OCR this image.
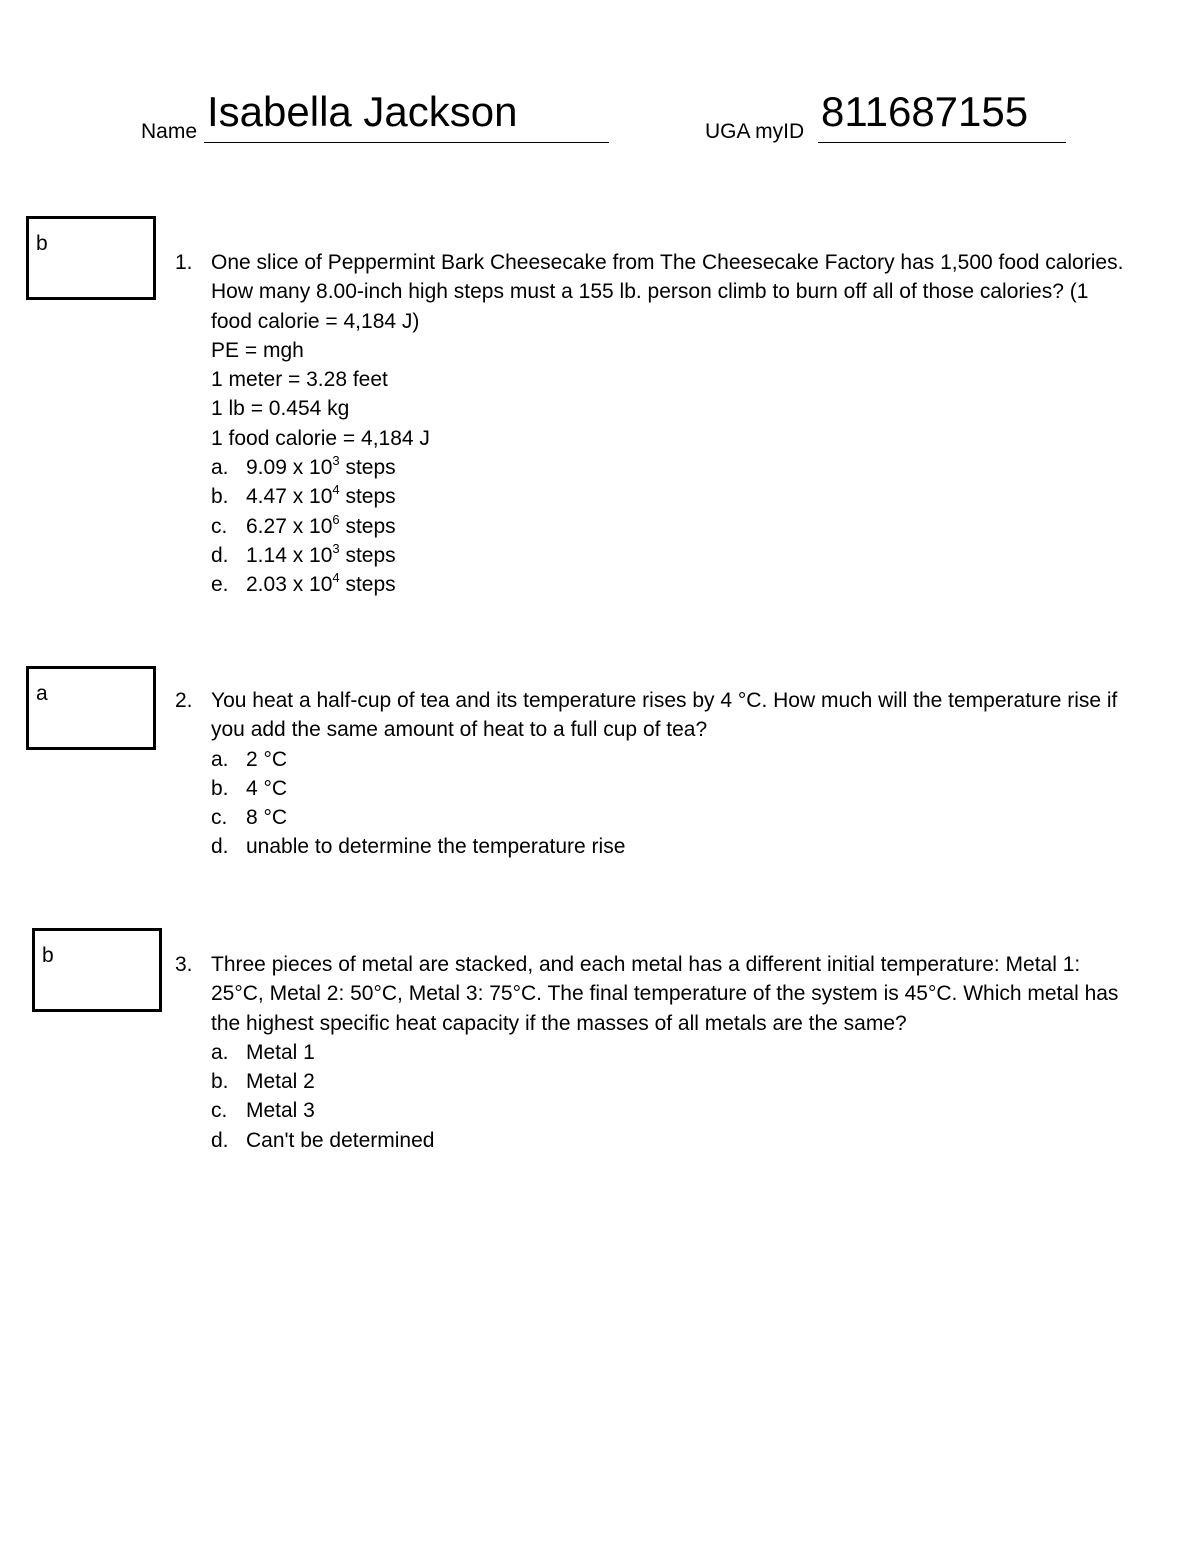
Name Isabella Jackson	UGA myID 811687155
b
a
b
1. One slice of Peppermint Bark Cheesecake from The Cheesecake Factory has 1,500 food calories. How many 8.00-inch high steps must a 155 lb. person climb to burn off all of those calories? (1 food calorie = 4,184 J)
PE = mgh
1 meter = 3.28 feet
1 lb = 0.454 kg
1 food calorie = 4,184 J
a. 9.09 x $10^3$ steps
b. 4.47 x $10^4$ steps
c. 6.27 x $10^6$ steps
d. 1.14 x $10^3$ steps
e. 2.03 x $10^4$ steps
2. You heat a half-cup of tea and its temperature rises by 4 °C. How much will the temperature rise if you add the same amount of heat to a full cup of tea?
a. 2 °C
b. 4 °C
c. 8 °C
d. unable to determine the temperature rise
3. Three pieces of metal are stacked, and each metal has a different initial temperature: Metal 1: 25°C, Metal 2: 50°C, Metal 3: 75°C. The final temperature of the system is 45°C. Which metal has the highest specific heat capacity if the masses of all metals are the same?
a. Metal 1
b. Metal 2
c. Metal 3
d. Can't be determined
